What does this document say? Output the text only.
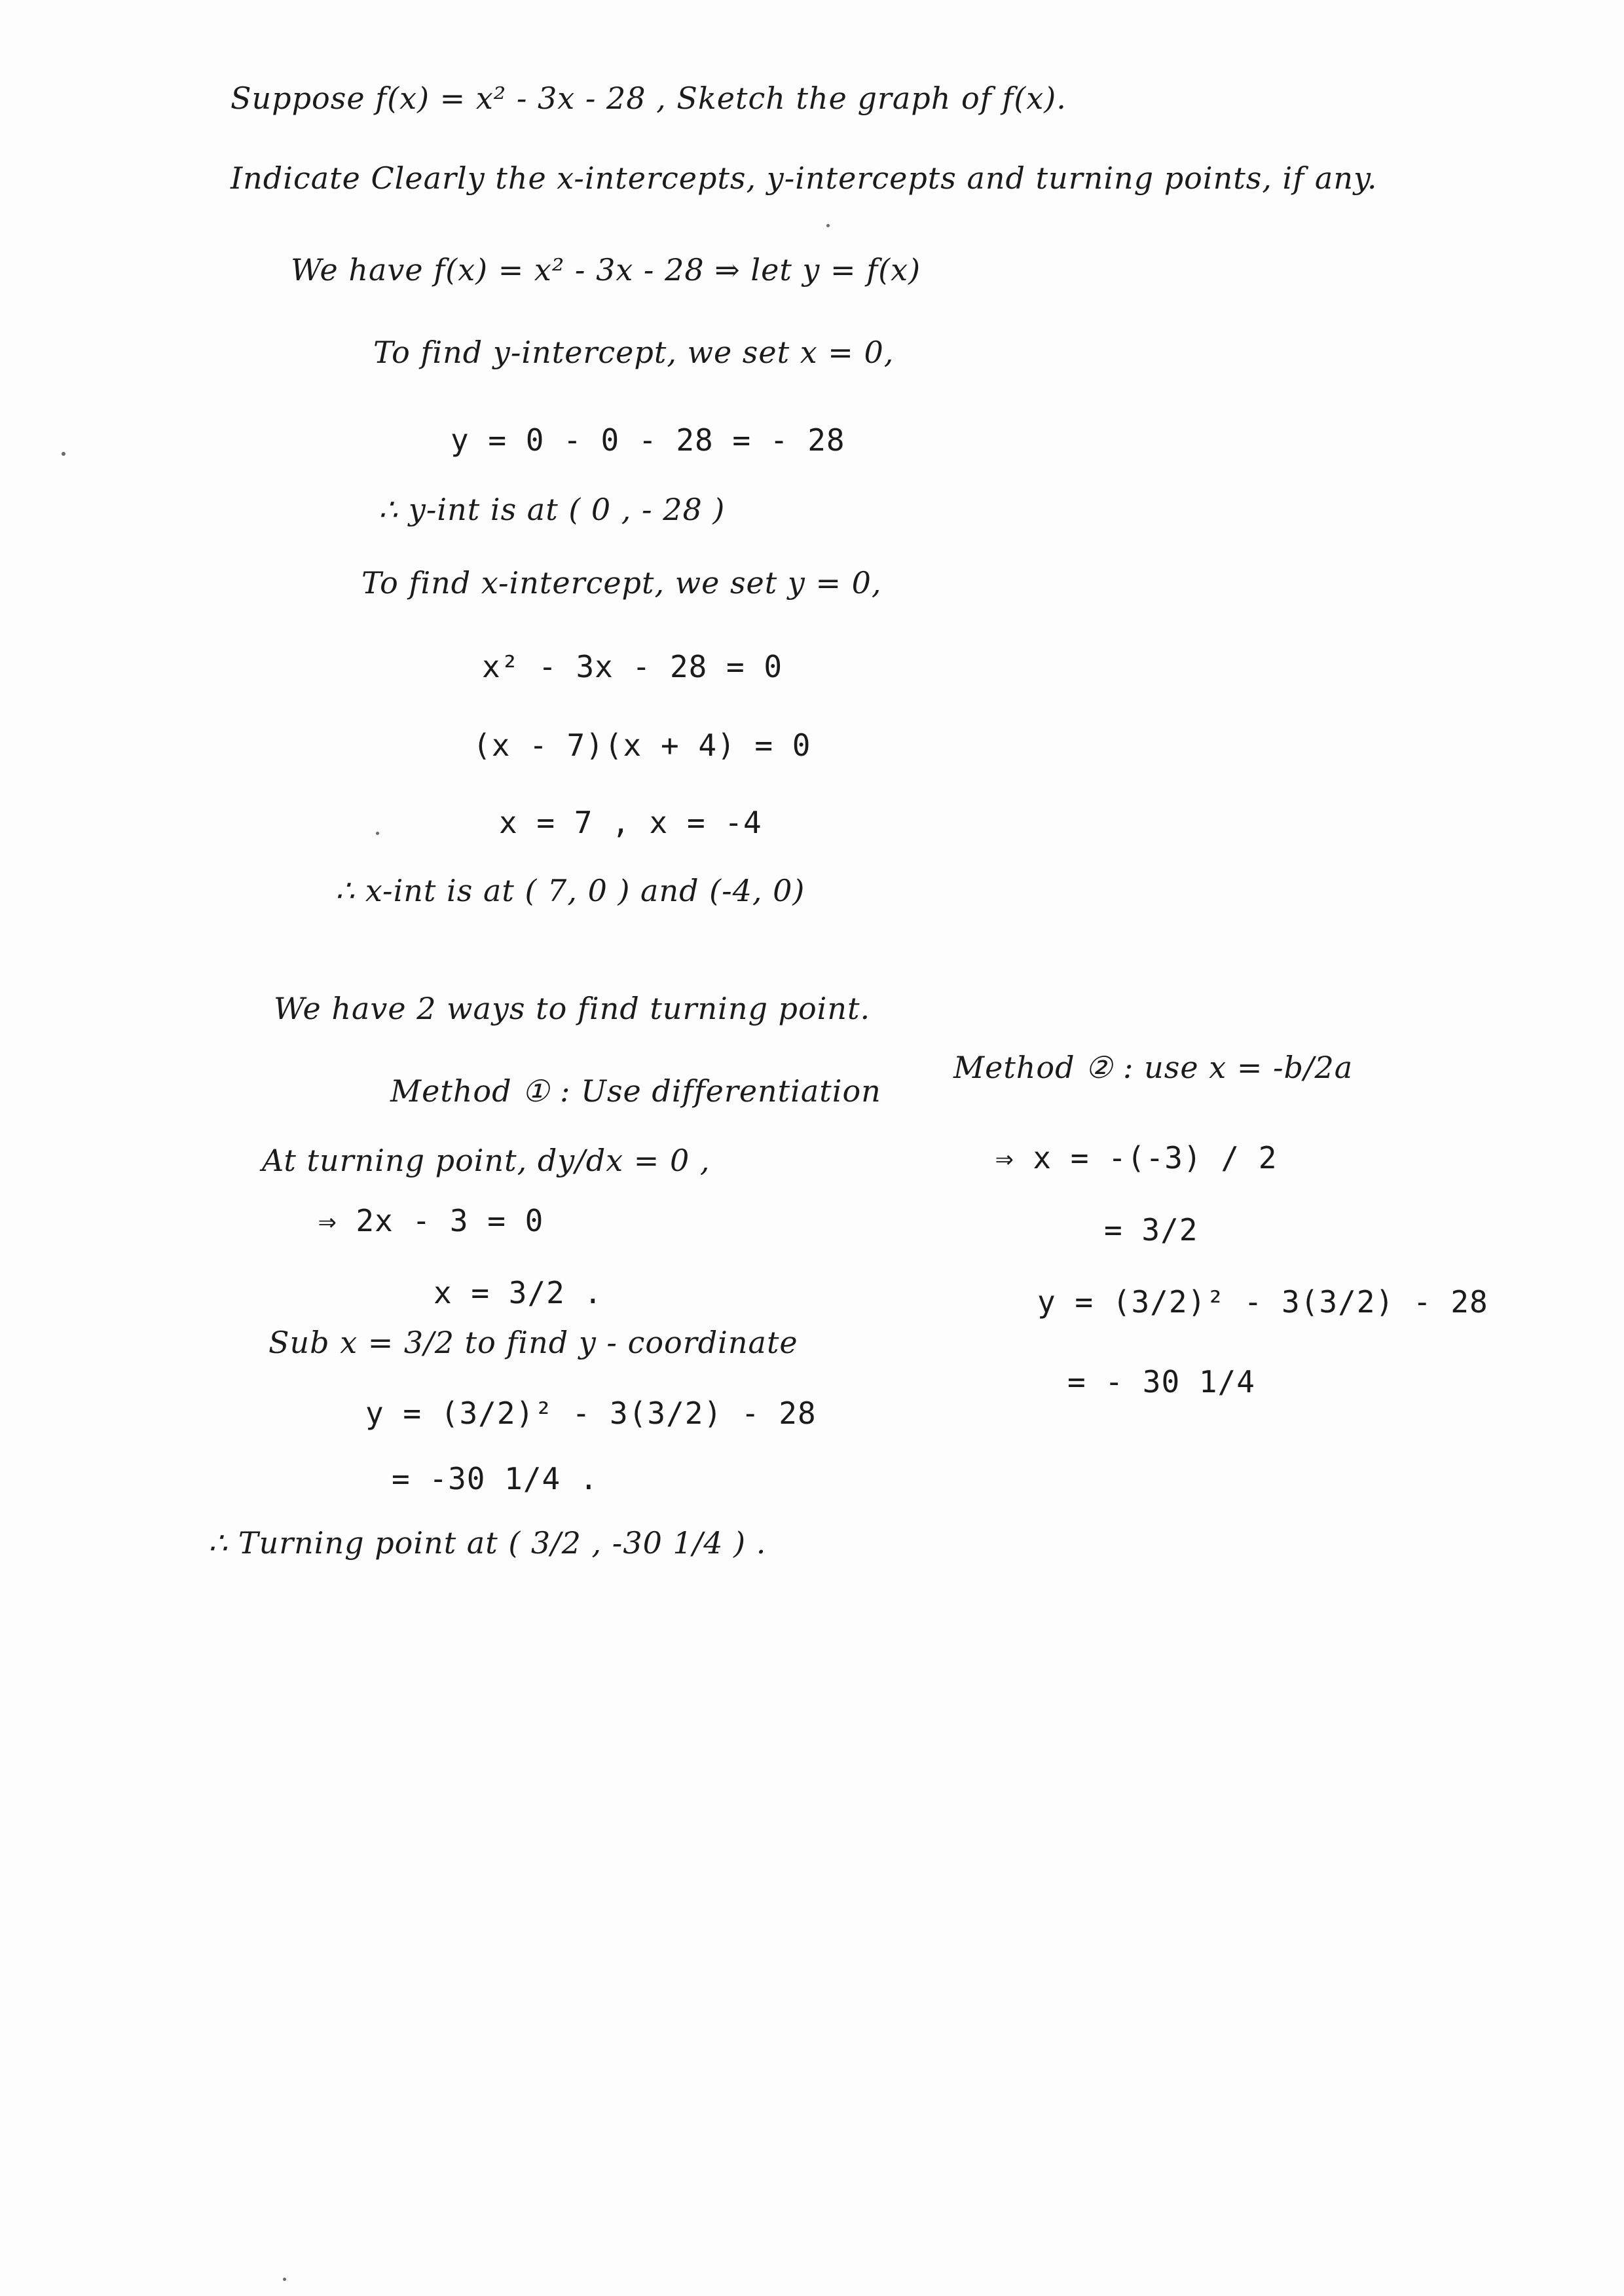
Suppose f(x) = x² - 3x - 28 , Sketch the graph of f(x).
Indicate Clearly the x-intercepts, y-intercepts and turning points, if any.
We have f(x) = x² - 3x - 28 ⇒ let y = f(x)
To find y-intercept, we set x = 0,
y = 0 - 0 - 28 = - 28
∴ y-int is at ( 0 , - 28 )
To find x-intercept, we set y = 0,
x² - 3x - 28 = 0
(x - 7)(x + 4) = 0
x = 7 , x = -4
∴ x-int is at ( 7, 0 ) and (-4, 0)
We have 2 ways to find turning point.
Method ① : Use differentiation
At turning point, dy/dx = 0 ,
⇒ 2x - 3 = 0
x = 3/2 .
Sub x = 3/2 to find y - coordinate
y = (3/2)² - 3(3/2) - 28
= -30 1/4 .
∴ Turning point at ( 3/2 , -30 1/4 ) .
Method ② : use x = -b/2a
⇒ x = -(-3) / 2
= 3/2
y = (3/2)² - 3(3/2) - 28
= - 30 1/4
